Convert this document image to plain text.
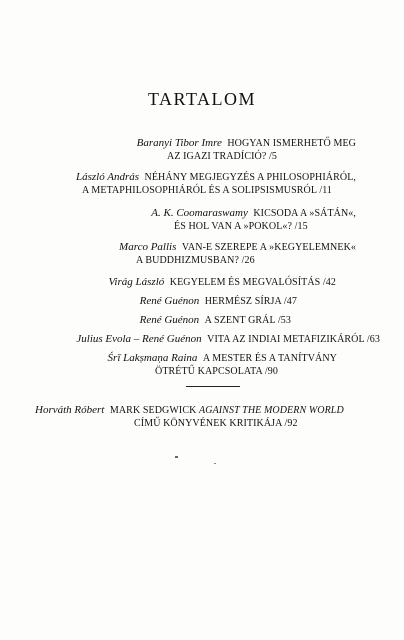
TARTALOM
Baranyi Tibor Imre HOGYAN ISMERHETŐ MEG
AZ IGAZI TRADÍCIÓ? /5
László András NÉHÁNY MEGJEGYZÉS A PHILOSOPHIÁRÓL,
A METAPHILOSOPHIÁRÓL ÉS A SOLIPSISMUSRÓL /11
A. K. Coomaraswamy KICSODA A »SÁTÁN«,
ÉS HOL VAN A »POKOL«? /15
Marco Pallis VAN-E SZEREPE A »KEGYELEMNEK«
A BUDDHIZMUSBAN? /26
Virág László KEGYELEM ÉS MEGVALÓSÍTÁS /42
René Guénon HERMÉSZ SÍRJA /47
René Guénon A SZENT GRÁL /53
Julius Evola – René Guénon VITA AZ INDIAI METAFIZIKÁRÓL /63
Śrī Lakṣmaṇa Raina A MESTER ÉS A TANÍTVÁNY
ÖTRÉTŰ KAPCSOLATA /90
Horváth Róbert MARK SEDGWICK AGAINST THE MODERN WORLD
CÍMŰ KÖNYVÉNEK KRITIKÁJA /92
